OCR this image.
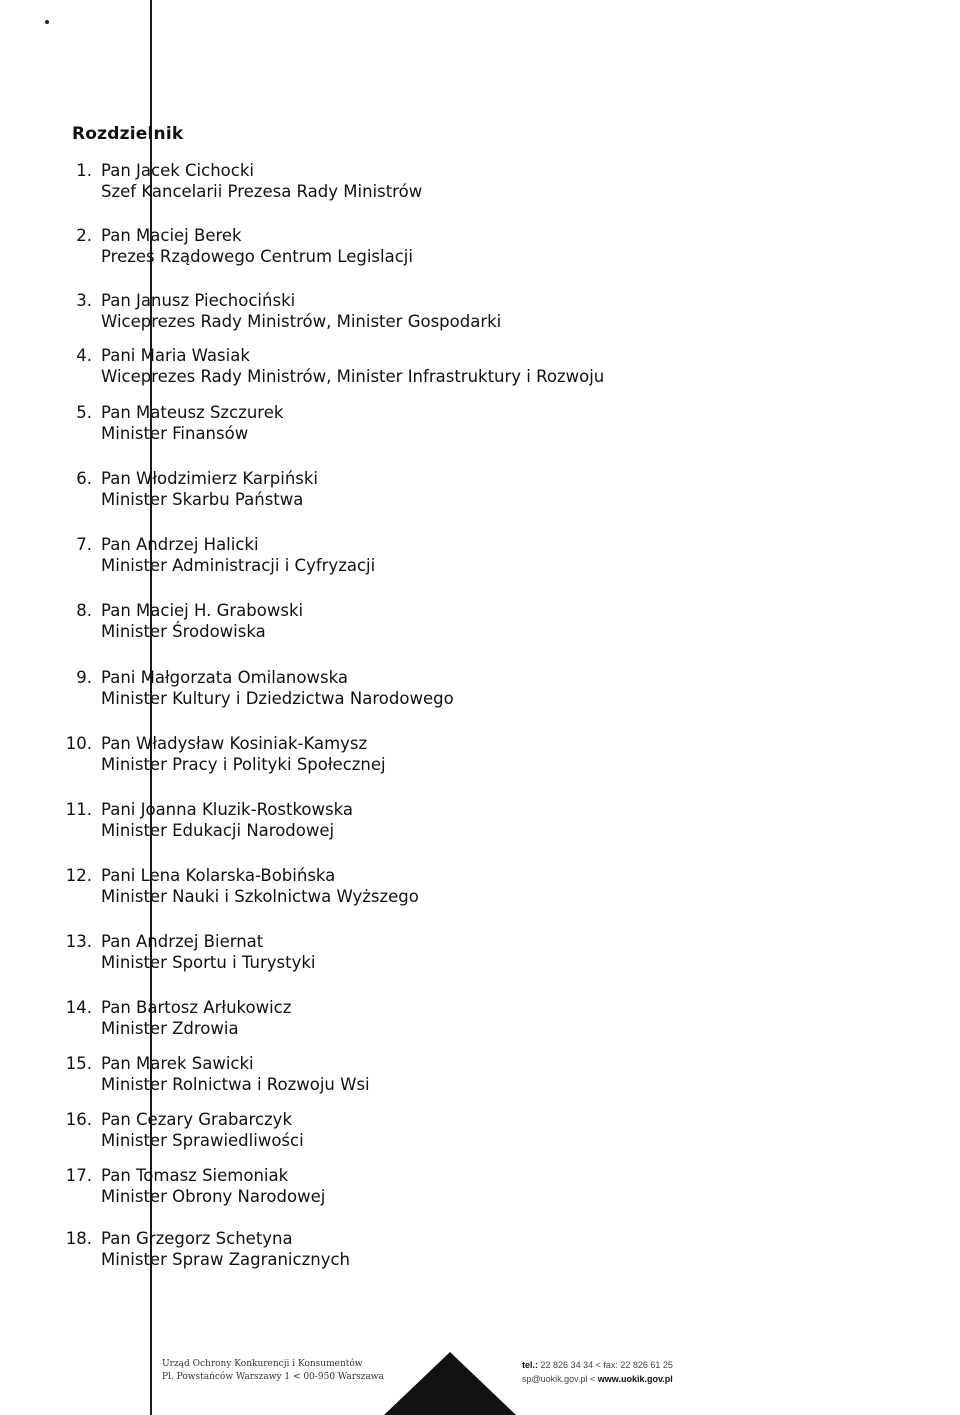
Rozdzielnik
1. Pan Jacek Cichocki
Szef Kancelarii Prezesa Rady Ministrów
2. Pan Maciej Berek
Prezes Rządowego Centrum Legislacji
3. Pan Janusz Piechociński
Wiceprezes Rady Ministrów, Minister Gospodarki
4. Pani Maria Wasiak
Wiceprezes Rady Ministrów, Minister Infrastruktury i Rozwoju
5. Pan Mateusz Szczurek
Minister Finansów
6. Pan Włodzimierz Karpiński
Minister Skarbu Państwa
7. Pan Andrzej Halicki
Minister Administracji i Cyfryzacji
8. Pan Maciej H. Grabowski
Minister Środowiska
9. Pani Małgorzata Omilanowska
Minister Kultury i Dziedzictwa Narodowego
10. Pan Władysław Kosiniak-Kamysz
Minister Pracy i Polityki Społecznej
11. Pani Joanna Kluzik-Rostkowska
Minister Edukacji Narodowej
12. Pani Lena Kolarska-Bobińska
Minister Nauki i Szkolnictwa Wyższego
13. Pan Andrzej Biernat
Minister Sportu i Turystyki
14. Pan Bartosz Arłukowicz
Minister Zdrowia
15. Pan Marek Sawicki
Minister Rolnictwa i Rozwoju Wsi
16. Pan Cezary Grabarczyk
Minister Sprawiedliwości
17. Pan Tomasz Siemoniak
Minister Obrony Narodowej
18. Pan Grzegorz Schetyna
Minister Spraw Zagranicznych
Urząd Ochrony Konkurencji i Konsumentów
Pl. Powstańców Warszawy 1 < 00-950 Warszawa
tel.: 22 826 34 34 < fax: 22 826 61 25
sp@uokik.gov.pl < www.uokik.gov.pl
